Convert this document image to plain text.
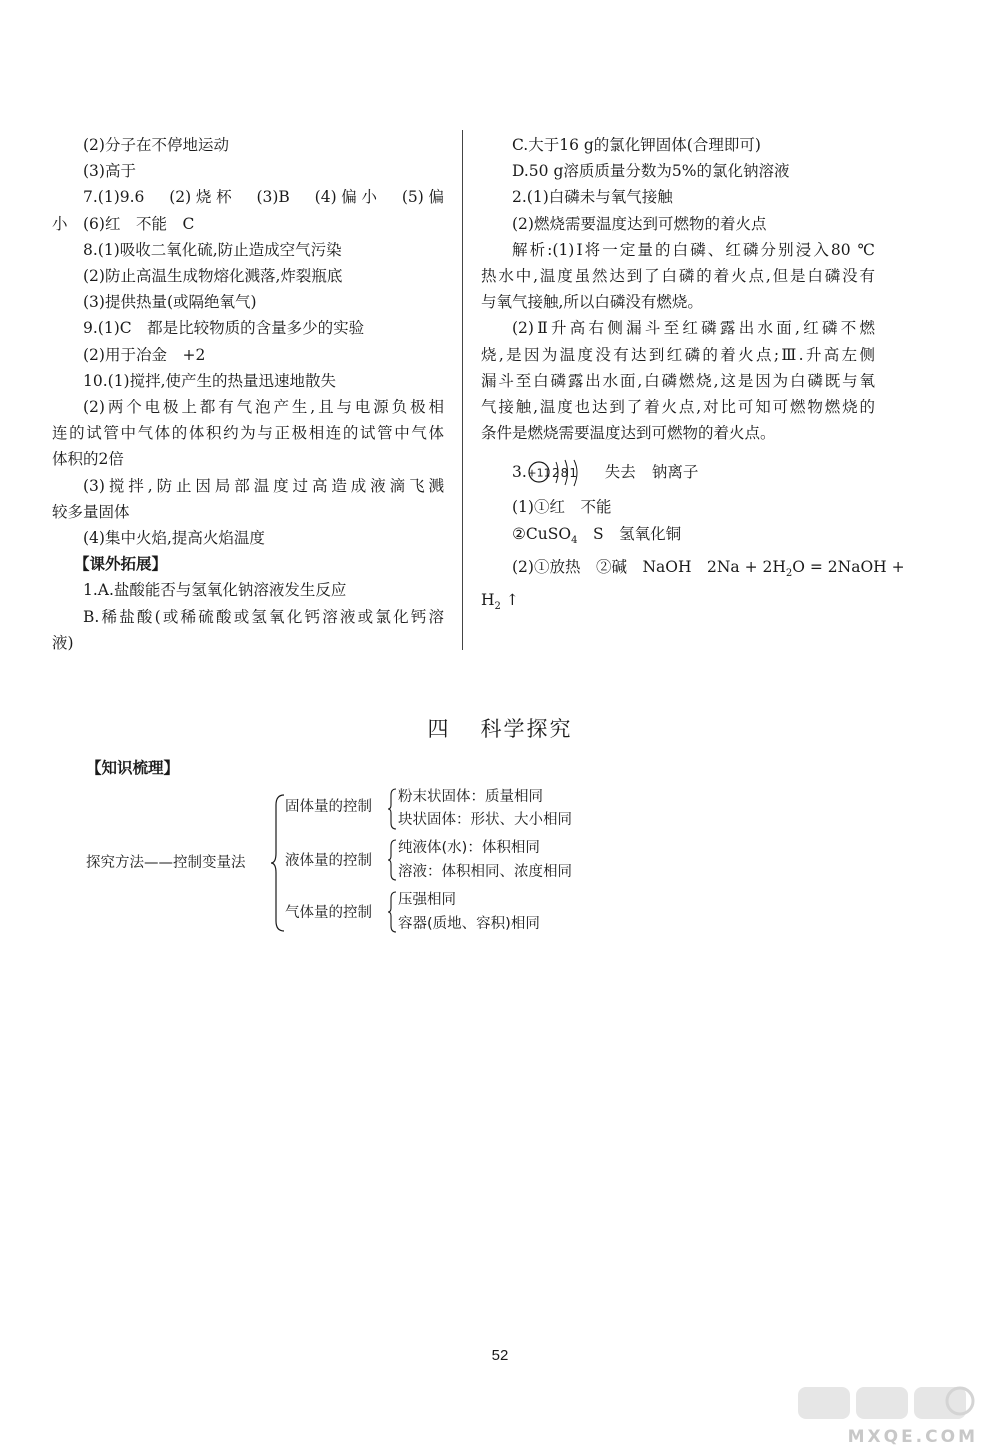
(2)分子在不停地运动
(3)高于
7.(1)9.6　(2)烧杯　(3)B　(4)偏小　(5)偏
小　(6)红　不能　C
8.(1)吸收二氧化硫,防止造成空气污染
(2)防止高温生成物熔化溅落,炸裂瓶底
(3)提供热量(或隔绝氧气)
9.(1)C　都是比较物质的含量多少的实验
(2)用于冶金　+2
10.(1)搅拌,使产生的热量迅速地散失
(2)两个电极上都有气泡产生,且与电源负极相
连的试管中气体的体积约为与正极相连的试管中气体
体积的2倍
(3)搅拌,防止因局部温度过高造成液滴飞溅
较多量固体
(4)集中火焰,提高火焰温度
【课外拓展】
1.A.盐酸能否与氢氧化钠溶液发生反应
B.稀盐酸(或稀硫酸或氢氧化钙溶液或氯化钙溶
液)
C.大于16 g的氯化钾固体(合理即可)
D.50 g溶质质量分数为5%的氯化钠溶液
2.(1)白磷未与氧气接触
(2)燃烧需要温度达到可燃物的着火点
解析:(1)Ⅰ将一定量的白磷、红磷分别浸入80 ℃
热水中,温度虽然达到了白磷的着火点,但是白磷没有
与氧气接触,所以白磷没有燃烧。
(2)Ⅱ升高右侧漏斗至红磷露出水面,红磷不燃
烧,是因为温度没有达到红磷的着火点;Ⅲ.升高左侧
漏斗至白磷露出水面,白磷燃烧,这是因为白磷既与氧
气接触,温度也达到了着火点,对比可知可燃物燃烧的
条件是燃烧需要温度达到可燃物的着火点。
3. +11 281 失去 钠离子
(1)①红　不能
②CuSO$_4$　S　氢氧化铜
(2)①放热　②碱　NaOH　$2Na + 2H_2O$ = 2NaOH +
$H_2$ ↑
四 科学探究
【知识梳理】
探究方法——控制变量法
固体量的控制
液体量的控制
气体量的控制
粉末状固体：质量相同
块状固体：形状、大小相同
纯液体(水)：体积相同
溶液：体积相同、浓度相同
压强相同
容器(质地、容积)相同
52
MXQE.COM
